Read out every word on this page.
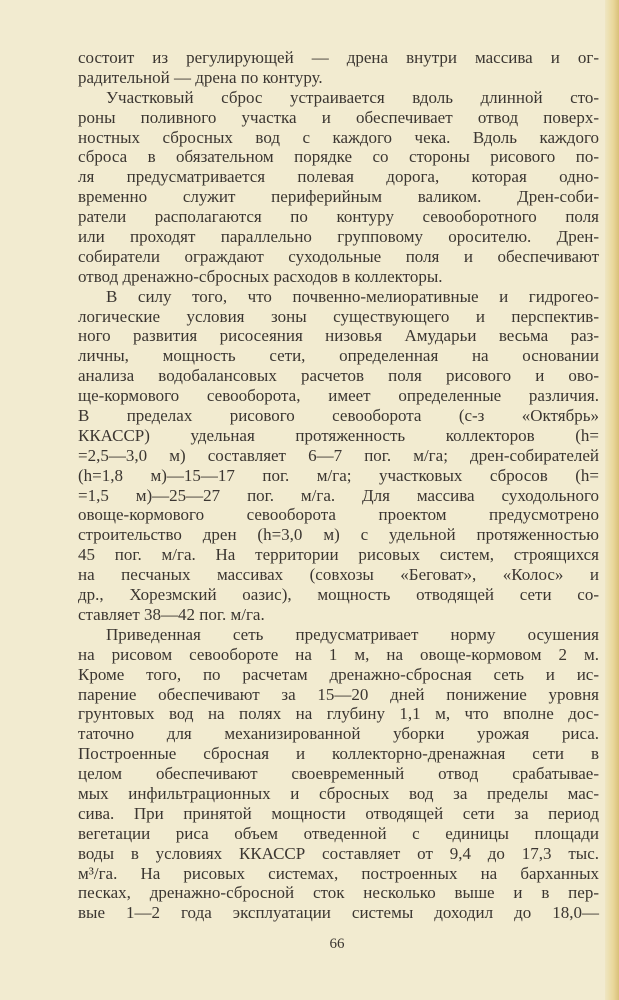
состоит из регулирующей — дрена внутри массива и ог-
радительной — дрена по контуру.
Участковый сброс устраивается вдоль длинной сто-
роны поливного участка и обеспечивает отвод поверх-
ностных сбросных вод с каждого чека. Вдоль каждого
сброса в обязательном порядке со стороны рисового по-
ля предусматривается полевая дорога, которая одно-
временно служит периферийным валиком. Дрен-соби-
ратели располагаются по контуру севооборотного поля
или проходят параллельно групповому оросителю. Дрен-
собиратели ограждают суходольные поля и обеспечивают
отвод дренажно-сбросных расходов в коллекторы.
В силу того, что почвенно-мелиоративные и гидрогео-
логические условия зоны существующего и перспектив-
ного развития рисосеяния низовья Амударьи весьма раз-
личны, мощность сети, определенная на основании
анализа водобалансовых расчетов поля рисового и ово-
ще-кормового севооборота, имеет определенные различия.
В пределах рисового севооборота (с-з «Октябрь»
ККАССР) удельная протяженность коллекторов (h=
=2,5—3,0 м) составляет 6—7 пог. м/га; дрен-собирателей
(h=1,8 м)—15—17 пог. м/га; участковых сбросов (h=
=1,5 м)—25—27 пог. м/га. Для массива суходольного
овоще-кормового севооборота проектом предусмотрено
строительство дрен (h=3,0 м) с удельной протяженностью
45 пог. м/га. На территории рисовых систем, строящихся
на песчаных массивах (совхозы «Беговат», «Колос» и
др., Хорезмский оазис), мощность отводящей сети со-
ставляет 38—42 пог. м/га.
Приведенная сеть предусматривает норму осушения
на рисовом севообороте на 1 м, на овоще-кормовом 2 м.
Кроме того, по расчетам дренажно-сбросная сеть и ис-
парение обеспечивают за 15—20 дней понижение уровня
грунтовых вод на полях на глубину 1,1 м, что вполне дос-
таточно для механизированной уборки урожая риса.
Построенные сбросная и коллекторно-дренажная сети в
целом обеспечивают своевременный отвод срабатывае-
мых инфильтрационных и сбросных вод за пределы мас-
сива. При принятой мощности отводящей сети за период
вегетации риса объем отведенной с единицы площади
воды в условиях ККАССР составляет от 9,4 до 17,3 тыс.
м³/га. На рисовых системах, построенных на барханных
песках, дренажно-сбросной сток несколько выше и в пер-
вые 1—2 года эксплуатации системы доходил до 18,0—
66
